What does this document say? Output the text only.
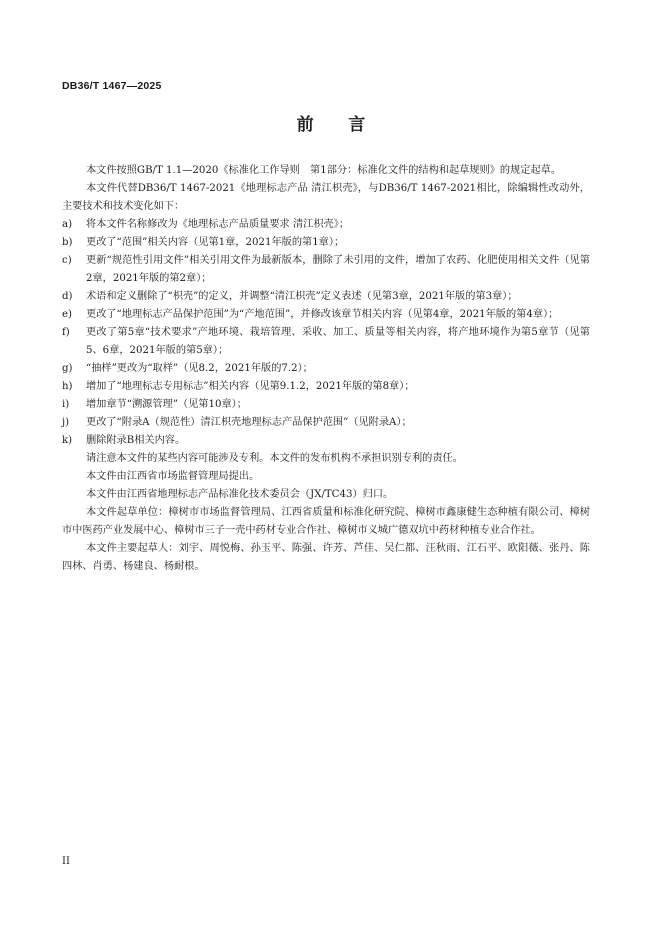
DB36/T 1467—2025
前　　言

本文件按照GB/T 1.1—2020《标准化工作导则　第1部分：标准化文件的结构和起草规则》的规定起草。

本文件代替DB36/T 1467-2021《地理标志产品 清江枳壳》，与DB36/T 1467-2021相比，除编辑性改动外，主要技术和技术变化如下：

a)	将本文件名称修改为《地理标志产品质量要求 清江枳壳》；
b)	更改了“范围”相关内容（见第1章，2021年版的第1章）；
c)	更新“规范性引用文件”相关引用文件为最新版本，删除了未引用的文件，增加了农药、化肥使用相关文件（见第2章，2021年版的第2章）；
d)	术语和定义删除了“枳壳”的定义，并调整“清江枳壳”定义表述（见第3章，2021年版的第3章）；
e)	更改了“地理标志产品保护范围”为“产地范围”，并修改该章节相关内容（见第4章，2021年版的第4章）；
f)	更改了第5章“技术要求”产地环境、栽培管理、采收、加工、质量等相关内容，将产地环境作为第5章节（见第5、6章，2021年版的第5章）；
g)	“抽样”更改为“取样”（见8.2，2021年版的7.2）；
h)	增加了“地理标志专用标志”相关内容（见第9.1.2，2021年版的第8章）；
i)	增加章节“溯源管理”（见第10章）；
j)	更改了“附录A（规范性）清江枳壳地理标志产品保护范围”（见附录A）；
k)	删除附录B相关内容。

请注意本文件的某些内容可能涉及专利。本文件的发布机构不承担识别专利的责任。

本文件由江西省市场监督管理局提出。

本文件由江西省地理标志产品标准化技术委员会（JX/TC43）归口。

本文件起草单位：樟树市市场监督管理局、江西省质量和标准化研究院、樟树市鑫康健生态种植有限公司、樟树市中医药产业发展中心、樟树市三子一壳中药材专业合作社、樟树市义城广德双坑中药材种植专业合作社。

本文件主要起草人：刘宇、周悦梅、孙玉平、陈强、许芳、芦佳、吴仁都、汪秋雨、江石平、欧阳薇、张丹、陈四林、肖勇、杨建良、杨耐根。

II
